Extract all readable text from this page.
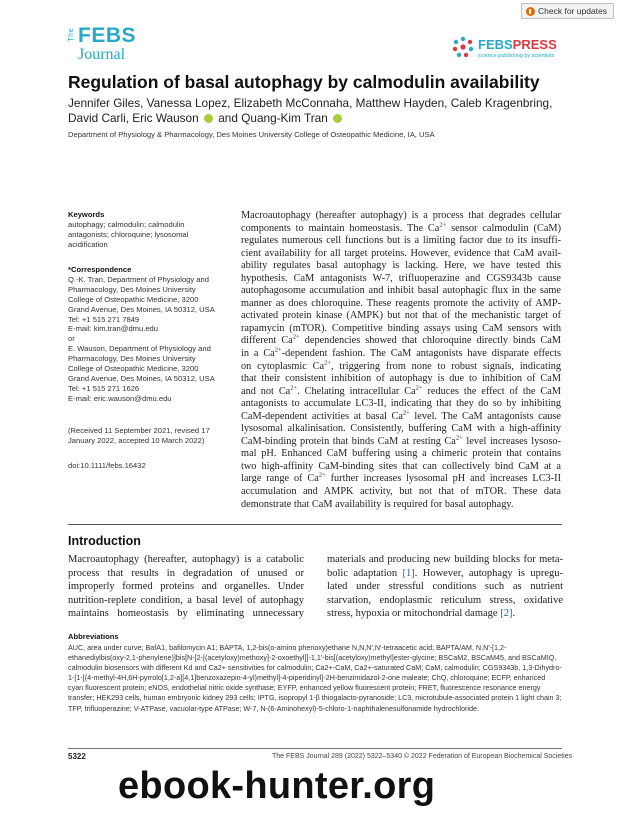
Check for updates
The FEBS
Journal
FEBSPRESS
science publishing by scientists
Regulation of basal autophagy by calmodulin availability
Jennifer Giles, Vanessa Lopez, Elizabeth McConnaha, Matthew Hayden, Caleb Kragenbring,
David Carli, Eric Wauson and Quang-Kim Tran
Department of Physiology & Pharmacology, Des Moines University College of Osteopathic Medicine, IA, USA
Keywords
autophagy; calmodulin; calmodulin
antagonists; chloroquine; lysosomal
acidification
*Correspondence
Q.-K. Tran, Department of Physiology and
Pharmacology, Des Moines University
College of Osteopathic Medicine, 3200
Grand Avenue, Des Moines, IA 50312, USA
Tel: +1 515 271 7849
E-mail: kim.tran@dmu.edu
or
E. Wauson, Department of Physiology and
Pharmacology, Des Moines University
College of Osteopathic Medicine, 3200
Grand Avenue, Des Moines, IA 50312, USA
Tel: +1 515 271 1626
E-mail: eric.wauson@dmu.edu
(Received 11 September 2021, revised 17
January 2022, accepted 10 March 2022)
doi:10.1111/febs.16432
Macroautophagy (hereafter autophagy) is a process that degrades cellular
components to maintain homeostasis. The $Ca^{2+}$ sensor calmodulin (CaM)
regulates numerous cell functions but is a limiting factor due to its insuffi-
cient availability for all target proteins. However, evidence that CaM avail-
ability regulates basal autophagy is lacking. Here, we have tested this
hypothesis. CaM antagonists W-7, trifluoperazine and CGS9343b cause
autophagosome accumulation and inhibit basal autophagic flux in the same
manner as does chloroquine. These reagents promote the activity of AMP-
activated protein kinase (AMPK) but not that of the mechanistic target of
rapamycin (mTOR). Competitive binding assays using CaM sensors with
different $Ca^{2+}$ dependencies showed that chloroquine directly binds CaM
in a $Ca^{2+}$-dependent fashion. The CaM antagonists have disparate effects
on cytoplasmic $Ca^{2+}$, triggering from none to robust signals, indicating
that their consistent inhibition of autophagy is due to inhibition of CaM
and not $Ca^{2+}$. Chelating intracellular $Ca^{2+}$ reduces the effect of the CaM
antagonists to accumulate LC3-II, indicating that they do so by inhibiting
CaM-dependent activities at basal $Ca^{2+}$ level. The CaM antagonists cause
lysosomal alkalinisation. Consistently, buffering CaM with a high-affinity
CaM-binding protein that binds CaM at resting $Ca^{2+}$ level increases lysoso-
mal pH. Enhanced CaM buffering using a chimeric protein that contains
two high-affinity CaM-binding sites that can collectively bind CaM at a
large range of $Ca^{2+}$ further increases lysosomal pH and increases LC3-II
accumulation and AMPK activity, but not that of mTOR. These data
demonstrate that CaM availability is required for basal autophagy.
Introduction
Macroautophagy (hereafter, autophagy) is a catabolic
process that results in degradation of unused or
improperly formed proteins and organelles. Under
nutrition-replete condition, a basal level of autophagy
maintains homeostasis by eliminating unnecessary
materials and producing new building blocks for meta-
bolic adaptation [1]. However, autophagy is upregu-
lated under stressful conditions such as nutrient
starvation, endoplasmic reticulum stress, oxidative
stress, hypoxia or mitochondrial damage [2].
Abbreviations
AUC, area under curve; BafA1, bafilomycin A1; BAPTA, 1,2-bis(o-amino phenoxy)ethane N,N,N′,N′-tetraacetic acid; BAPTA/AM, N,N′-[1,2-ethanediylbis(oxy-2,1-phenylene)]bis[N-[2-[(acetyloxy)methoxy]-2-oxoethyl]]-1,1′-bis[(acetyloxy)methyl]ester-glycine; BSCaM2, BSCaM45, and BSCaMIQ, calmodulin biosensors with different Kd and Ca2+ sensitivities for calmodulin; Ca2+-CaM, Ca2+-saturated CaM; CaM, calmodulin; CGS9343b, 1,3-Dihydro-1-[1-[(4-methyl-4H,6H-pyrrolo[1,2-a][4,1]benzoxazepin-4-yl)methyl]-4-piperidinyl]-2H-benzimidazol-2-one maleate; ChQ, chloroquine; ECFP, enhanced cyan fluorescent protein; eNOS, endothelial nitric oxide synthase; EYFP, enhanced yellow fluorescent protein; FRET, fluorescence resonance energy transfer; HEK293 cells, human embryonic kidney 293 cells; IPTG, isopropyl 1-β thiogalacto-pyranoside; LC3, microtubule-associated protein 1 light chain 3; TFP, trifluoperazine; V-ATPase, vacuolar-type ATPase; W-7, N-(6-Aminohexyl)-5-chloro-1-naphthalenesulfonamide hydrochloride.
5322	The FEBS Journal 289 (2022) 5322–5340 © 2022 Federation of European Biochemical Societies
ebook-hunter.org
